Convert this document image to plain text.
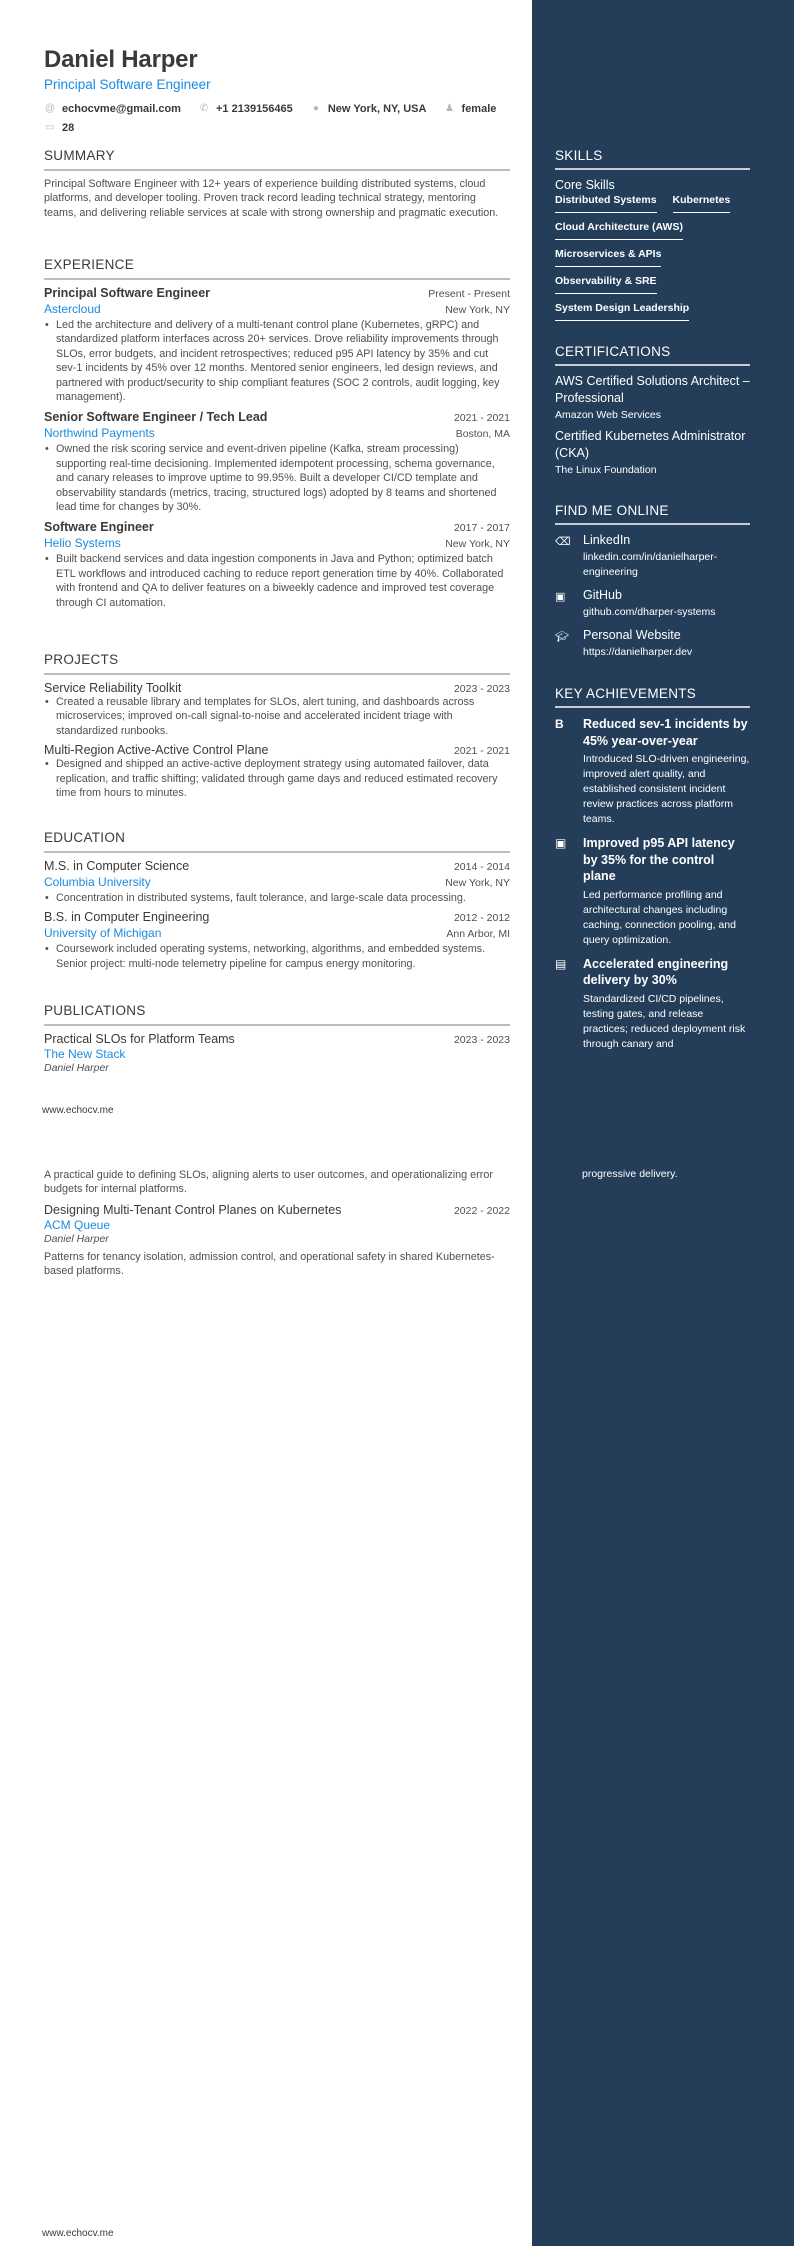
Daniel Harper
Principal Software Engineer
@ echocvme@gmail.com
✆ +1 2139156465
● New York, NY, USA
♟ female

▭ 28
SUMMARY
Principal Software Engineer with 12+ years of experience building distributed systems, cloud platforms, and developer tooling. Proven track record leading technical strategy, mentoring teams, and delivering reliable services at scale with strong ownership and pragmatic execution.
EXPERIENCE
Principal Software Engineer	Present - Present
Astercloud	New York, NY
• Led the architecture and delivery of a multi-tenant control plane (Kubernetes, gRPC) and standardized platform interfaces across 20+ services. Drove reliability improvements through SLOs, error budgets, and incident retrospectives; reduced p95 API latency by 35% and cut sev-1 incidents by 45% over 12 months. Mentored senior engineers, led design reviews, and partnered with product/security to ship compliant features (SOC 2 controls, audit logging, key management).
Senior Software Engineer / Tech Lead	2021 - 2021
Northwind Payments	Boston, MA
• Owned the risk scoring service and event-driven pipeline (Kafka, stream processing) supporting real-time decisioning. Implemented idempotent processing, schema governance, and canary releases to improve uptime to 99.95%. Built a developer CI/CD template and observability standards (metrics, tracing, structured logs) adopted by 8 teams and shortened lead time for changes by 30%.
Software Engineer	2017 - 2017
Helio Systems	New York, NY
• Built backend services and data ingestion components in Java and Python; optimized batch ETL workflows and introduced caching to reduce report generation time by 40%. Collaborated with frontend and QA to deliver features on a biweekly cadence and improved test coverage through CI automation.
PROJECTS
Service Reliability Toolkit	2023 - 2023
• Created a reusable library and templates for SLOs, alert tuning, and dashboards across microservices; improved on-call signal-to-noise and accelerated incident triage with standardized runbooks.
Multi-Region Active-Active Control Plane	2021 - 2021
• Designed and shipped an active-active deployment strategy using automated failover, data replication, and traffic shifting; validated through game days and reduced estimated recovery time from hours to minutes.
EDUCATION
M.S. in Computer Science	2014 - 2014
Columbia University	New York, NY
• Concentration in distributed systems, fault tolerance, and large-scale data processing.
B.S. in Computer Engineering	2012 - 2012
University of Michigan	Ann Arbor, MI
• Coursework included operating systems, networking, algorithms, and embedded systems. Senior project: multi-node telemetry pipeline for campus energy monitoring.
PUBLICATIONS
Practical SLOs for Platform Teams	2023 - 2023
The New Stack
Daniel Harper
A practical guide to defining SLOs, aligning alerts to user outcomes, and operationalizing error budgets for internal platforms.
Designing Multi-Tenant Control Planes on Kubernetes	2022 - 2022
ACM Queue
Daniel Harper
Patterns for tenancy isolation, admission control, and operational safety in shared Kubernetes-based platforms.
www.echocv.me
www.echocv.me
SKILLS
Core Skills
Distributed Systems Kubernetes
Cloud Architecture (AWS)
Microservices & APIs
Observability & SRE
System Design Leadership
CERTIFICATIONS
AWS Certified Solutions Architect – Professional
Amazon Web Services
Certified Kubernetes Administrator (CKA)
The Linux Foundation
FIND ME ONLINE
⌫ LinkedIn
linkedin.com/in/danielharper-engineering
▣	GitHub
github.com/dharper-systems
🎓︎	Personal Website
https://danielharper.dev
KEY ACHIEVEMENTS
B	Reduced sev-1 incidents by 45% year-over-year
Introduced SLO-driven engineering, improved alert quality, and established consistent incident review practices across platform teams.
▣	Improved p95 API latency by 35% for the control plane
Led performance profiling and architectural changes including caching, connection pooling, and query optimization.
▤	Accelerated engineering delivery by 30%
Standardized CI/CD pipelines, testing gates, and release practices; reduced deployment risk through canary and
progressive delivery.
